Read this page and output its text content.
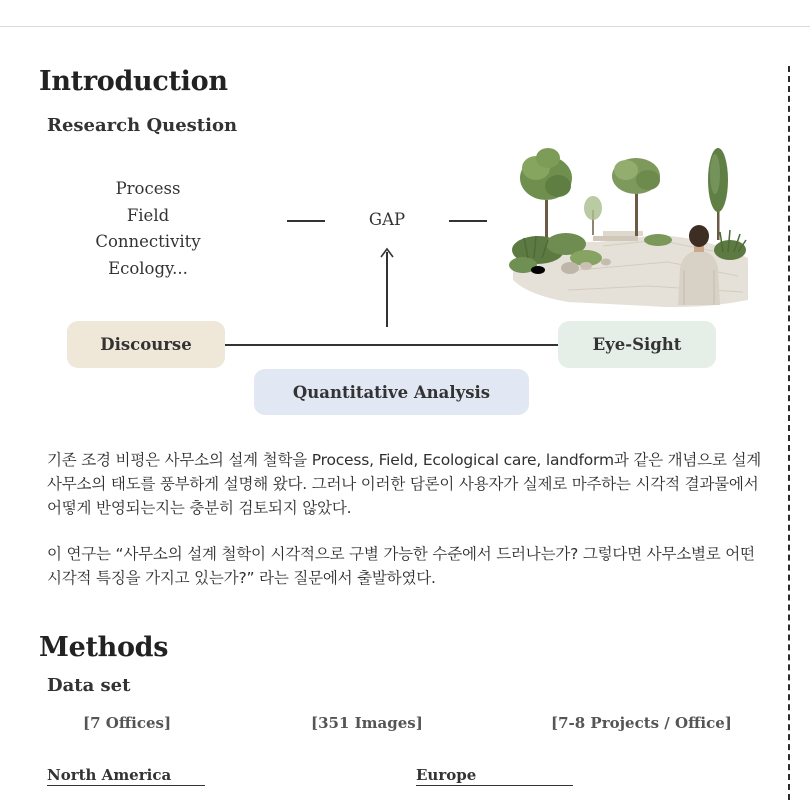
Introduction
Research Question
Process
Field
Connectivity
Ecology...
GAP
Discourse	Eye-Sight
Quantitative Analysis
기존 조경 비평은 사무소의 설계 철학을 Process, Field, Ecological care, landform과 같은 개념으로 설계 사무소의 태도를 풍부하게 설명해 왔다. 그러나 이러한 담론이 사용자가 실제로 마주하는 시각적 결과물에서 어떻게 반영되는지는 충분히 검토되지 않았다.
이 연구는 “사무소의 설계 철학이 시각적으로 구별 가능한 수준에서 드러나는가? 그렇다면 사무소별로 어떤 시각적 특징을 가지고 있는가?” 라는 질문에서 출발하였다.
Methods
Data set
[7 Offices]	[351 Images]	[7-8 Projects / Office]
North America	Europe
